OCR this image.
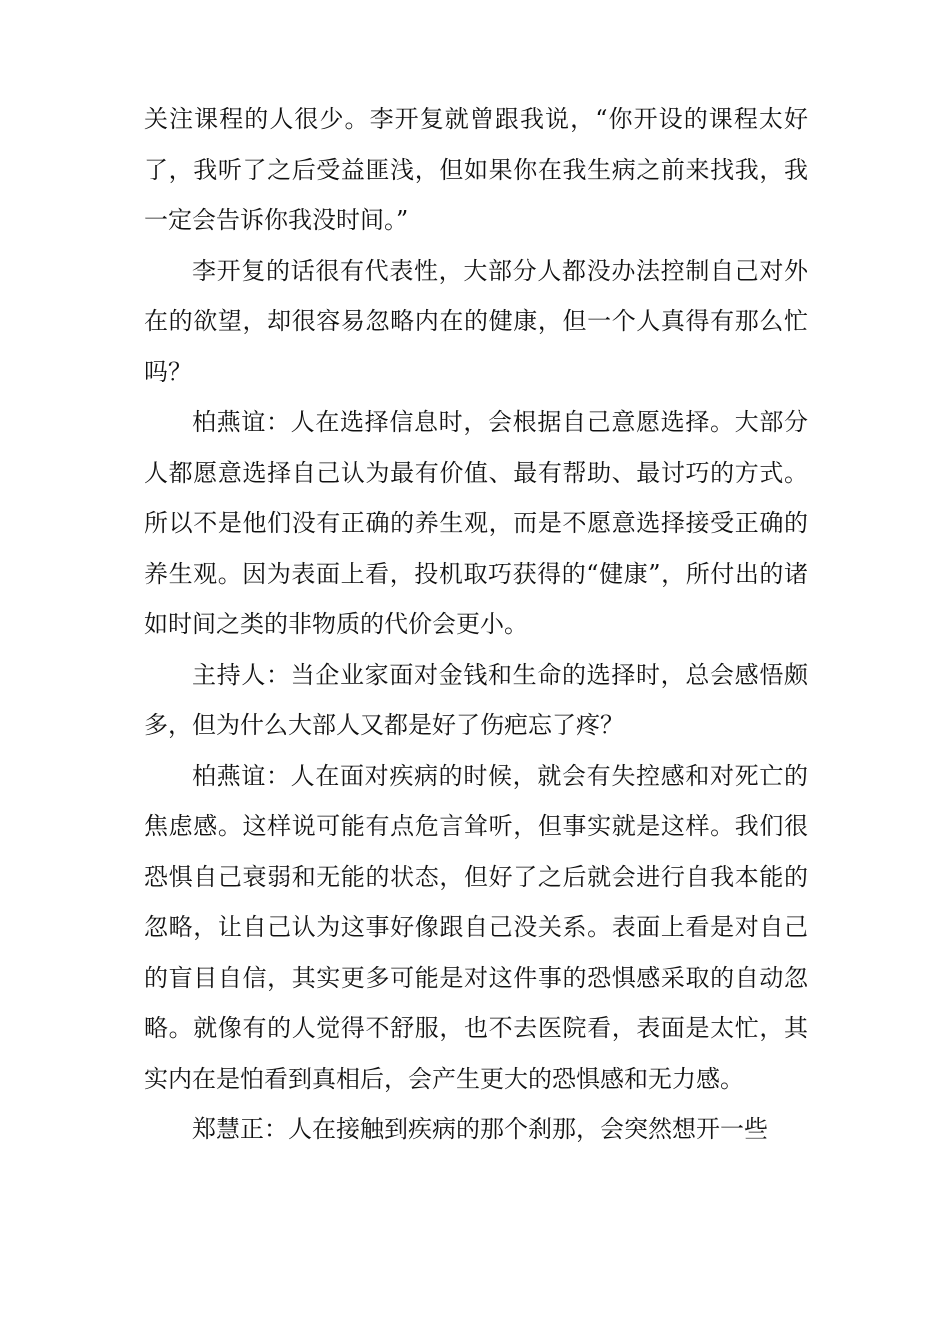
关注课程的人很少。李开复就曾跟我说，“你开设的课程太好了，我听了之后受益匪浅，但如果你在我生病之前来找我，我一定会告诉你我没时间。”

李开复的话很有代表性，大部分人都没办法控制自己对外在的欲望，却很容易忽略内在的健康，但一个人真得有那么忙吗？

柏燕谊：人在选择信息时，会根据自己意愿选择。大部分人都愿意选择自己认为最有价值、最有帮助、最讨巧的方式。所以不是他们没有正确的养生观，而是不愿意选择接受正确的养生观。因为表面上看，投机取巧获得的“健康”，所付出的诸如时间之类的非物质的代价会更小。

主持人：当企业家面对金钱和生命的选择时，总会感悟颇多，但为什么大部人又都是好了伤疤忘了疼？

柏燕谊：人在面对疾病的时候，就会有失控感和对死亡的焦虑感。这样说可能有点危言耸听，但事实就是这样。我们很恐惧自己衰弱和无能的状态，但好了之后就会进行自我本能的忽略，让自己认为这事好像跟自己没关系。表面上看是对自己的盲目自信，其实更多可能是对这件事的恐惧感采取的自动忽略。就像有的人觉得不舒服，也不去医院看，表面是太忙，其实内在是怕看到真相后，会产生更大的恐惧感和无力感。

郑慧正：人在接触到疾病的那个刹那，会突然想开一些
